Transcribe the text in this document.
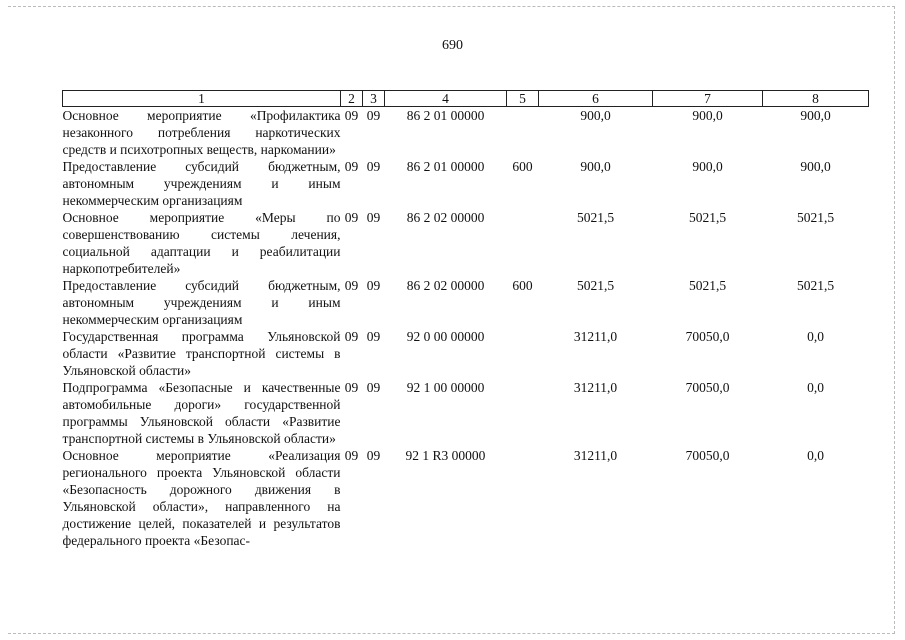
690
1	2	3	4	5	6	7	8
Основное мероприятие «Профилактика незаконного потребления наркотических средств и психотропных веществ, наркомании»	09	09	86 2 01 00000		900,0	900,0	900,0
Предоставление субсидий бюджетным, автономным учреждениям и иным некоммерческим организациям	09	09	86 2 01 00000	600	900,0	900,0	900,0
Основное мероприятие «Меры по совершенствованию системы лечения, социальной адаптации и реабилитации наркопотребителей»	09	09	86 2 02 00000		5021,5	5021,5	5021,5
Предоставление субсидий бюджетным, автономным учреждениям и иным некоммерческим организациям	09	09	86 2 02 00000	600	5021,5	5021,5	5021,5
Государственная программа Ульяновской области «Развитие транспортной системы в Ульяновской области»	09	09	92 0 00 00000		31211,0	70050,0	0,0
Подпрограмма «Безопасные и качественные автомобильные дороги» государственной программы Ульяновской области «Развитие транспортной системы в Ульяновской области»	09	09	92 1 00 00000		31211,0	70050,0	0,0
Основное мероприятие «Реализация регионального проекта Ульяновской области «Безопасность дорожного движения в Ульяновской области», направленного на достижение целей, показателей и результатов федерального проекта «Безопас-	09	09	92 1 R3 00000		31211,0	70050,0	0,0
